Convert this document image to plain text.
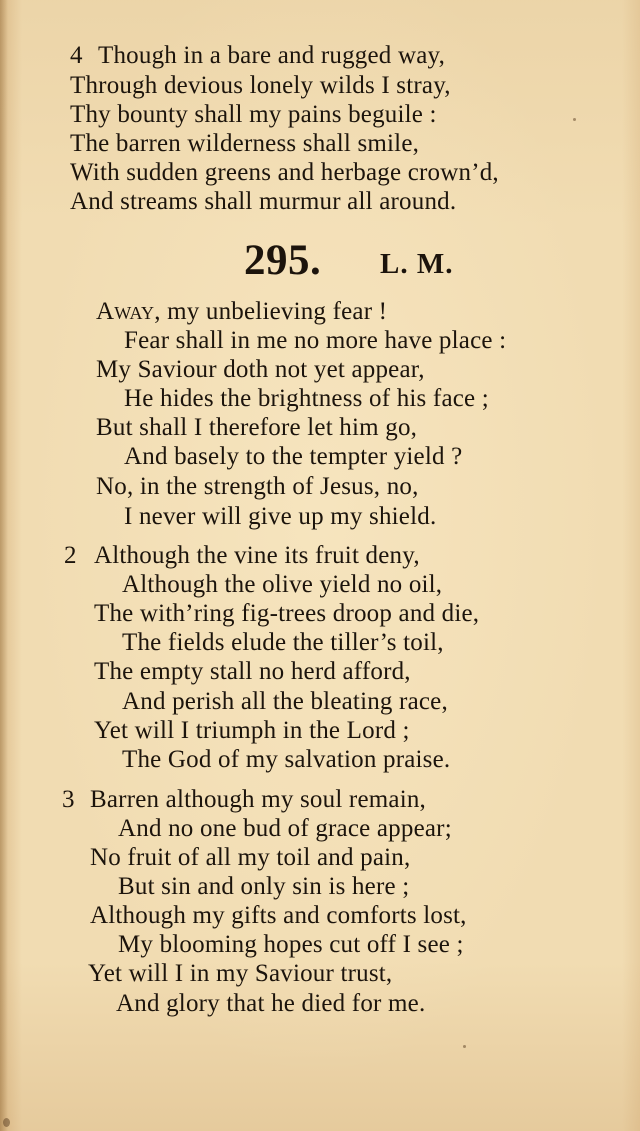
4 Though in a bare and rugged way,
Through devious lonely wilds I stray,
Thy bounty shall my pains beguile :
The barren wilderness shall smile,
With sudden greens and herbage crown’d,
And streams shall murmur all around.
295. L. M.
Away, my unbelieving fear !
Fear shall in me no more have place :
My Saviour doth not yet appear,
He hides the brightness of his face ;
But shall I therefore let him go,
And basely to the tempter yield ?
No, in the strength of Jesus, no,
I never will give up my shield.
2 Although the vine its fruit deny,
Although the olive yield no oil,
The with’ring fig-trees droop and die,
The fields elude the tiller’s toil,
The empty stall no herd afford,
And perish all the bleating race,
Yet will I triumph in the Lord ;
The God of my salvation praise.
3 Barren although my soul remain,
And no one bud of grace appear;
No fruit of all my toil and pain,
But sin and only sin is here ;
Although my gifts and comforts lost,
My blooming hopes cut off I see ;
Yet will I in my Saviour trust,
And glory that he died for me.
